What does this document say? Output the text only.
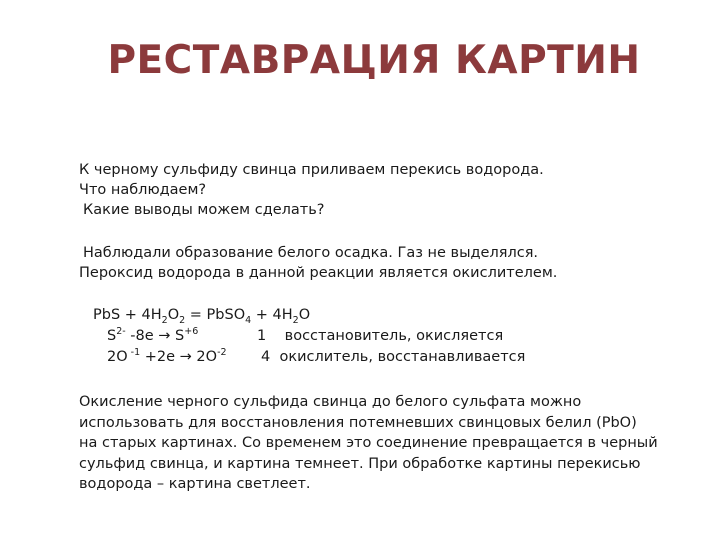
РЕСТАВРАЦИЯ КАРТИН
К черному сульфиду свинца приливаем перекись водорода.
Что наблюдаем?
Какие выводы можем сделать?
Наблюдали образование белого осадка. Газ не выделялся.
Пероксид водорода в данной реакции является окислителем.
PbS + $4H_2O_2$ = PbSO$_4$ + $4H_2O$
$S^{2-}$ $-8e \to S^{+6}$	1 восстановитель, окисляется
2O $^{-1} +2e \to 2O^{-2}$ 4 окислитель, восстанавливается
Окисление черного сульфида свинца до белого сульфата можно
использовать для восстановления потемневших свинцовых белил (PbO)
на старых картинах. Со временем это соединение превращается в черный
сульфид свинца, и картина темнеет. При обработке картины перекисью
водорода – картина светлеет.
